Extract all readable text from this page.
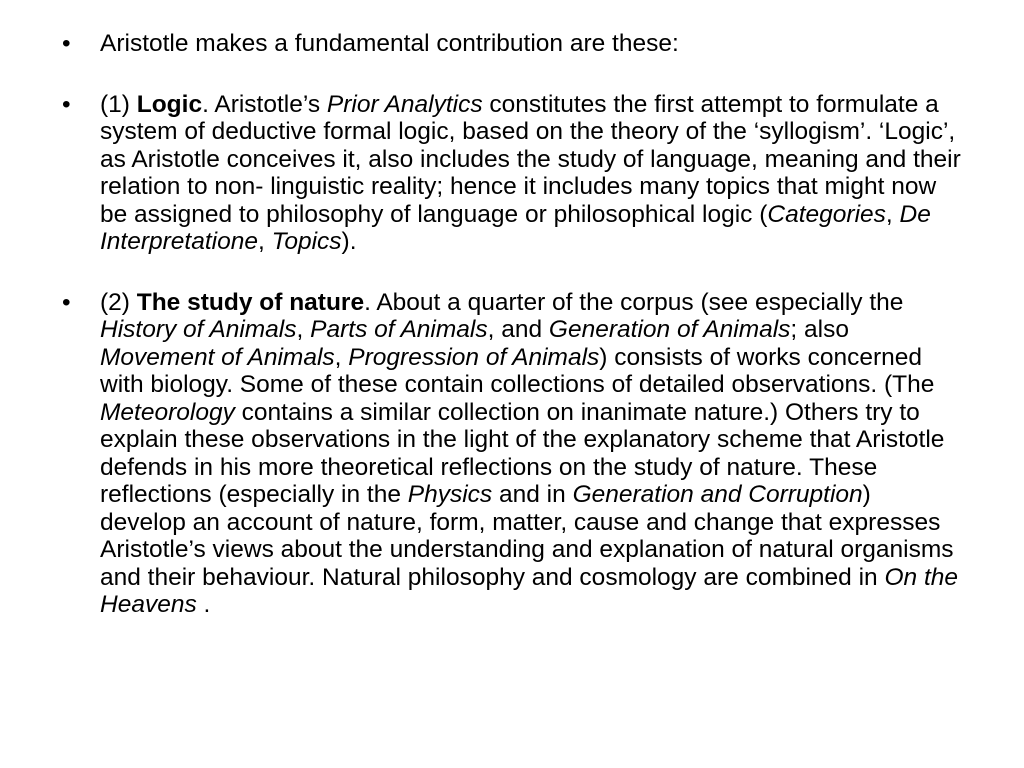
• Aristotle makes a fundamental contribution are these:
• (1) Logic. Aristotle’s Prior Analytics constitutes the first attempt to formulate a system of deductive formal logic, based on the theory of the ‘syllogism’. ‘Logic’, as Aristotle conceives it, also includes the study of language, meaning and their relation to non- linguistic reality; hence it includes many topics that might now be assigned to philosophy of language or philosophical logic (Categories, De Interpretatione, Topics).
• (2) The study of nature. About a quarter of the corpus (see especially the History of Animals, Parts of Animals, and Generation of Animals; also Movement of Animals, Progression of Animals) consists of works concerned with biology. Some of these contain collections of detailed observations. (The Meteorology contains a similar collection on inanimate nature.) Others try to explain these observations in the light of the explanatory scheme that Aristotle defends in his more theoretical reflections on the study of nature. These reflections (especially in the Physics and in Generation and Corruption) develop an account of nature, form, matter, cause and change that expresses Aristotle’s views about the understanding and explanation of natural organisms and their behaviour. Natural philosophy and cosmology are combined in On the Heavens .
